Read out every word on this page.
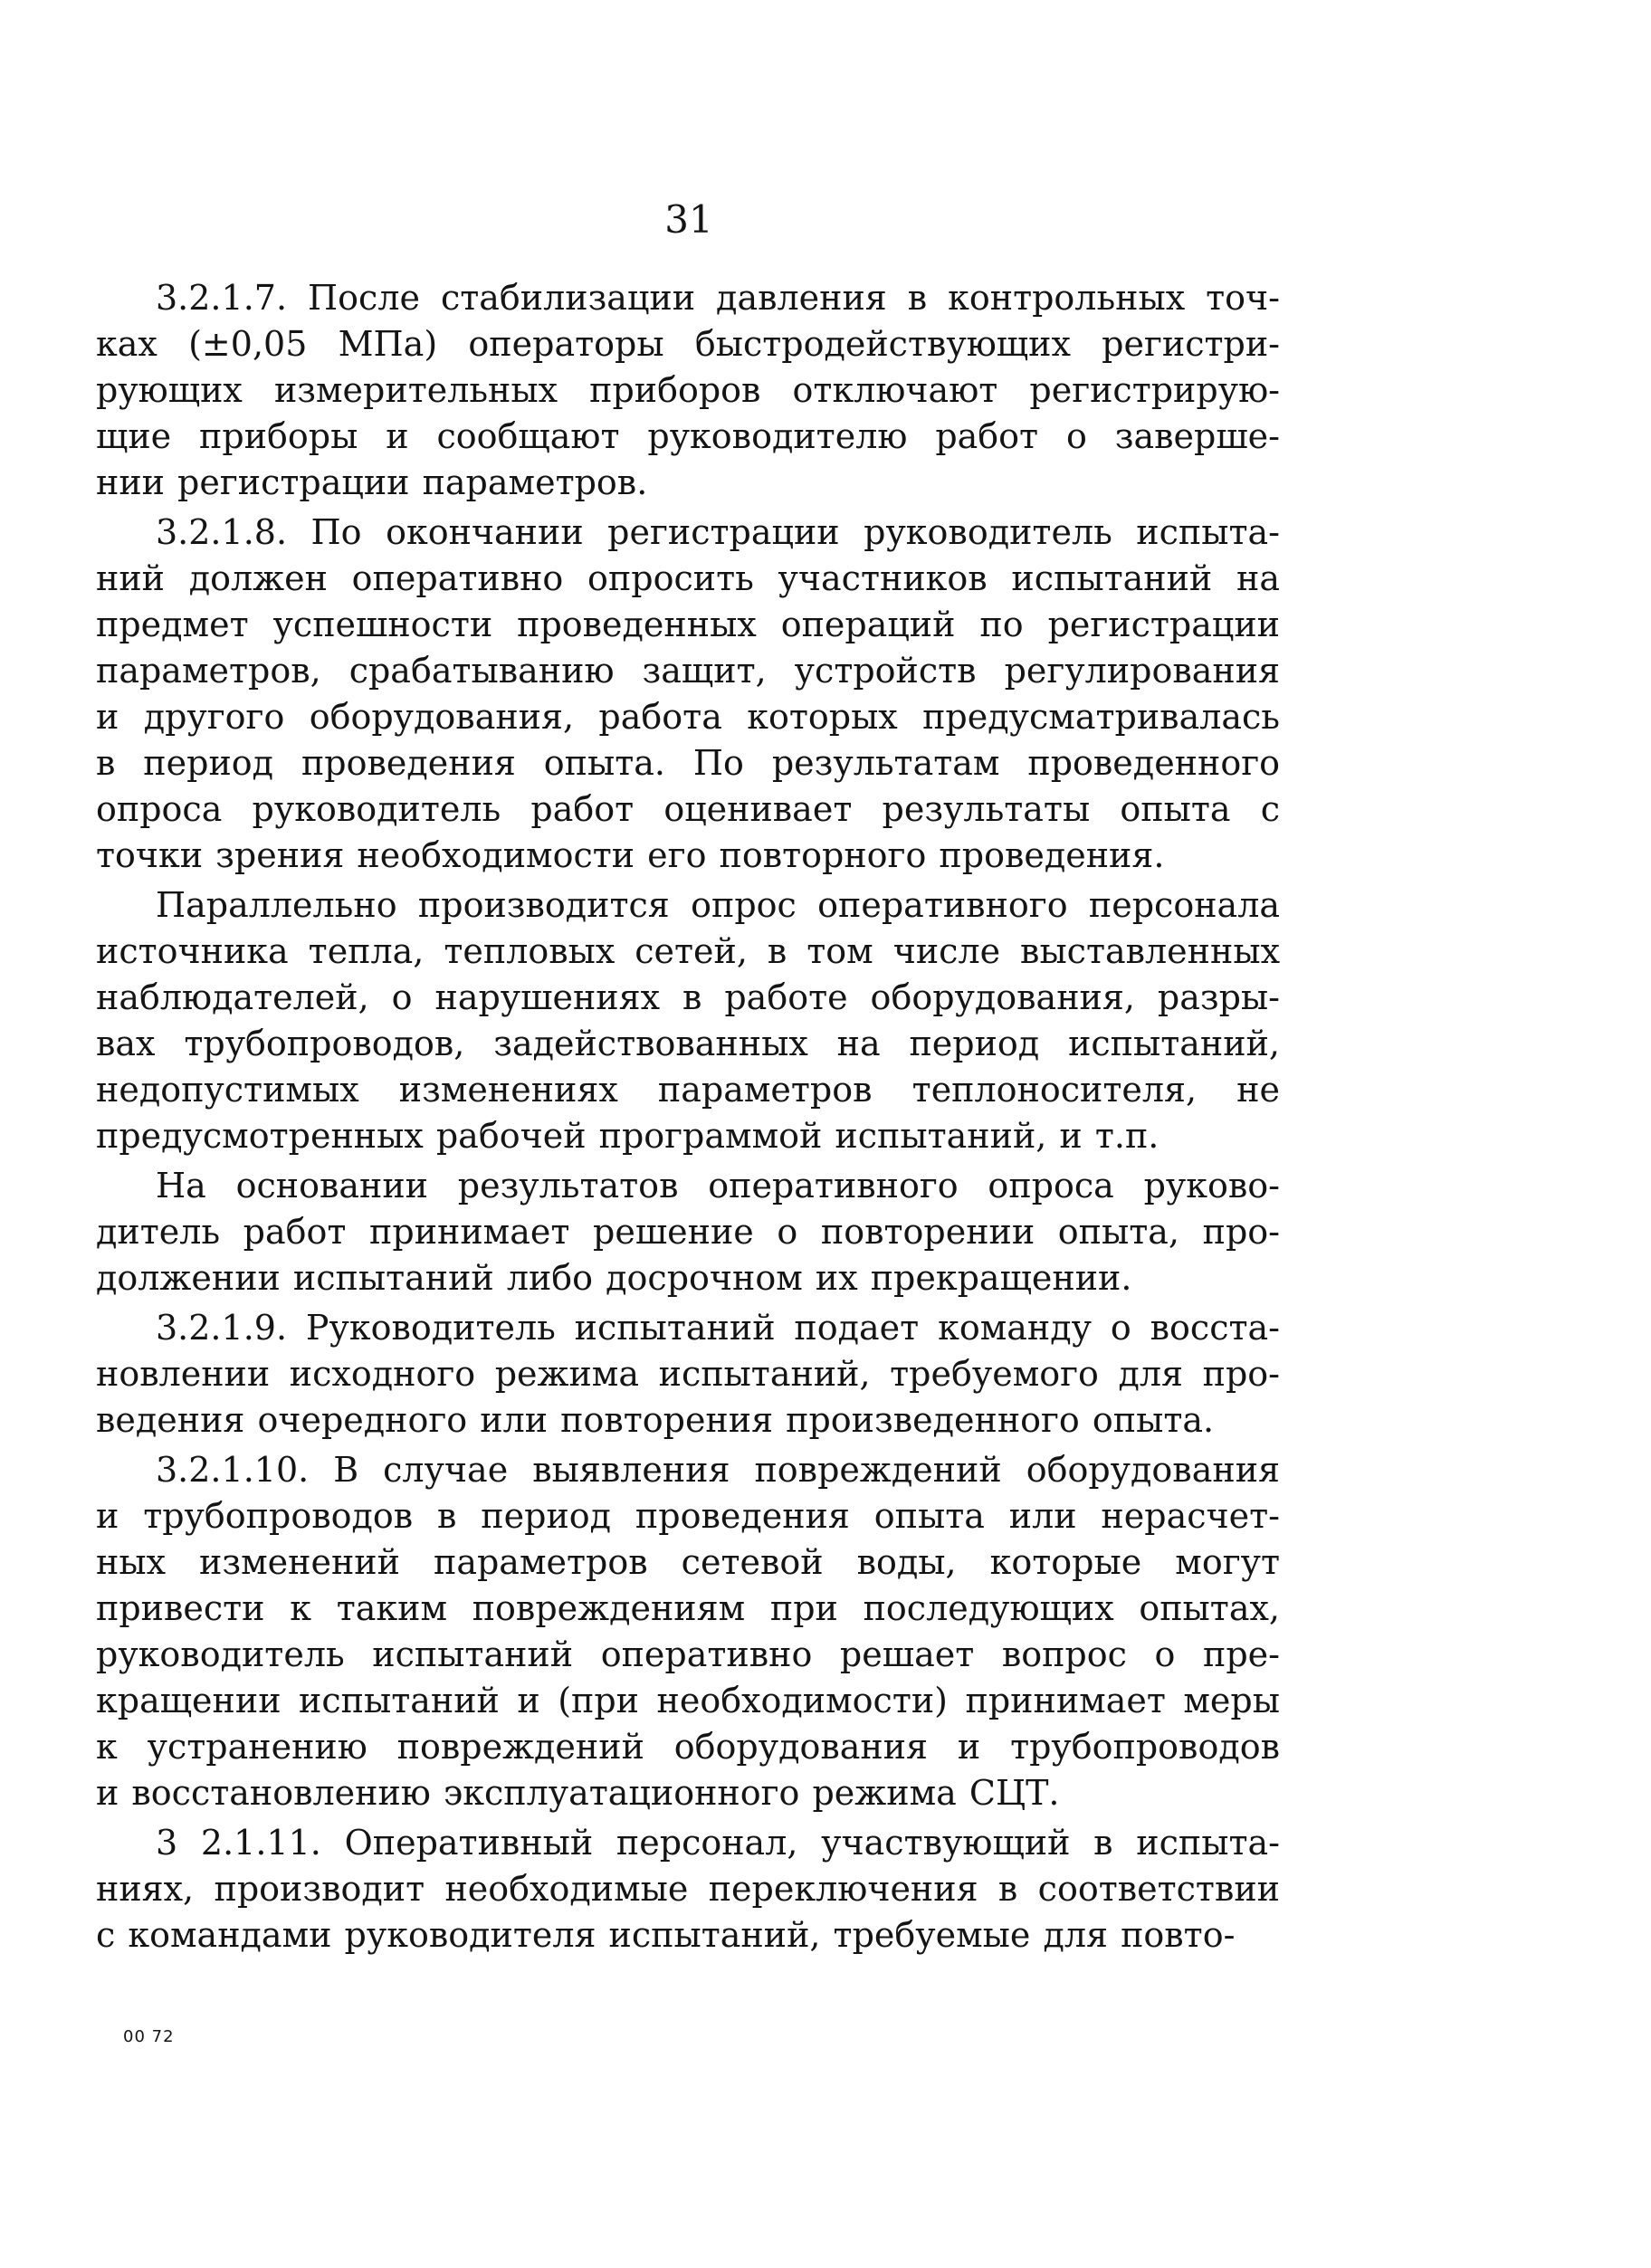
31
3.2.1.7. После стабилизации давления в контрольных точ-
ках (±0,05 МПа) операторы быстродействующих регистри-
рующих измерительных приборов отключают регистрирую-
щие приборы и сообщают руководителю работ о заверше-
нии регистрации параметров.
3.2.1.8. По окончании регистрации руководитель испыта-
ний должен оперативно опросить участников испытаний на
предмет успешности проведенных операций по регистрации
параметров, срабатыванию защит, устройств регулирования
и другого оборудования, работа которых предусматривалась
в период проведения опыта. По результатам проведенного
опроса руководитель работ оценивает результаты опыта с
точки зрения необходимости его повторного проведения.
Параллельно производится опрос оперативного персонала
источника тепла, тепловых сетей, в том числе выставленных
наблюдателей, о нарушениях в работе оборудования, разры-
вах трубопроводов, задействованных на период испытаний,
недопустимых изменениях параметров теплоносителя, не
предусмотренных рабочей программой испытаний, и т.п.
На основании результатов оперативного опроса руково-
дитель работ принимает решение о повторении опыта, про-
должении испытаний либо досрочном их прекращении.
3.2.1.9. Руководитель испытаний подает команду о восста-
новлении исходного режима испытаний, требуемого для про-
ведения очередного или повторения произведенного опыта.
3.2.1.10. В случае выявления повреждений оборудования
и трубопроводов в период проведения опыта или нерасчет-
ных изменений параметров сетевой воды, которые могут
привести к таким повреждениям при последующих опытах,
руководитель испытаний оперативно решает вопрос о пре-
кращении испытаний и (при необходимости) принимает меры
к устранению повреждений оборудования и трубопроводов
и восстановлению эксплуатационного режима СЦТ.
3 2.1.11. Оперативный персонал, участвующий в испыта-
ниях, производит необходимые переключения в соответствии
с командами руководителя испытаний, требуемые для повто-
00 72
